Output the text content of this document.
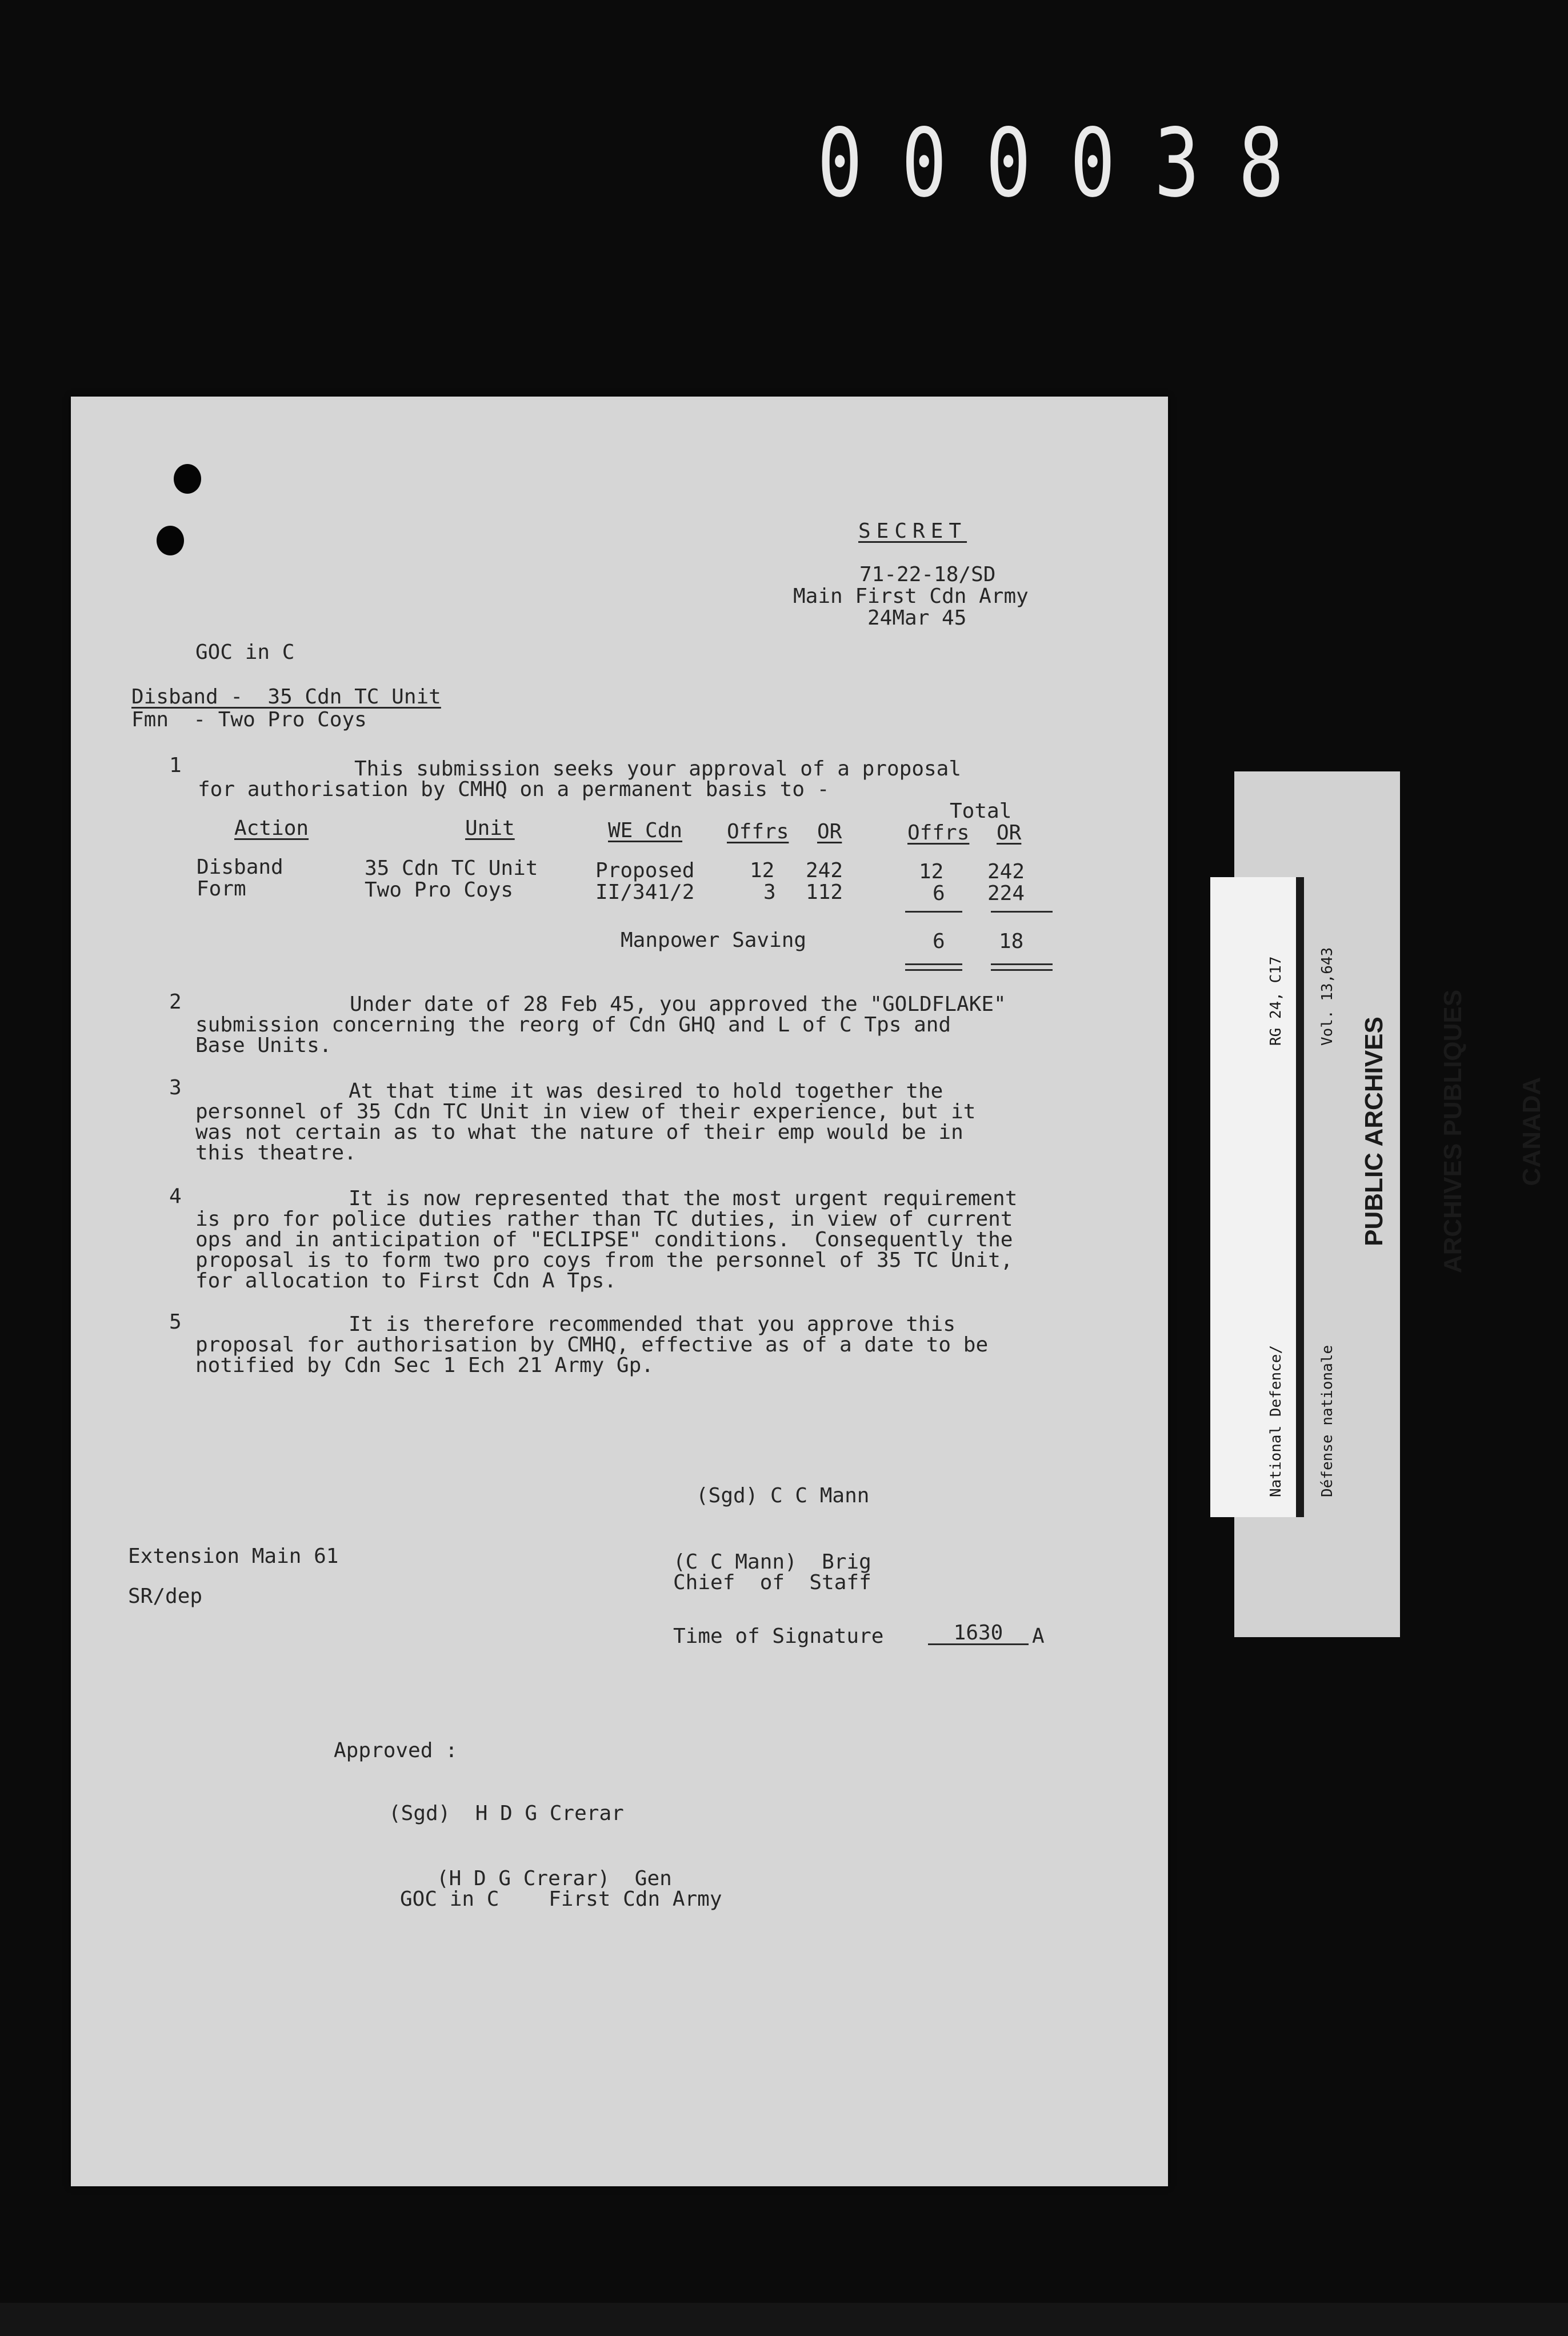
000038
SECRET
71-22-18/SD
Main First Cdn Army
24Mar 45
GOC in C
Disband -  35 Cdn TC Unit
Fmn  - Two Pro Coys
1	This submission seeks your approval of a proposal
for authorisation by CMHQ on a permanent basis to -
Total
Action	Unit	WE Cdn Offrs OR	Offrs OR
Disband	35 Cdn TC Unit	Proposed	12 242	12 242
Form	Two Pro Coys	II/341/2	3 112	6 224
Manpower Saving	6	18
2	Under date of 28 Feb 45, you approved the "GOLDFLAKE"
submission concerning the reorg of Cdn GHQ and L of C Tps and
Base Units.
3	At that time it was desired to hold together the
personnel of 35 Cdn TC Unit in view of their experience, but it
was not certain as to what the nature of their emp would be in
this theatre.
4	It is now represented that the most urgent requirement
is pro for police duties rather than TC duties, in view of current
ops and in anticipation of "ECLIPSE" conditions.  Consequently the
proposal is to form two pro coys from the personnel of 35 TC Unit,
for allocation to First Cdn A Tps.
5	It is therefore recommended that you approve this
proposal for authorisation by CMHQ, effective as of a date to be
notified by Cdn Sec 1 Ech 21 Army Gp.
(Sgd) C C Mann
Extension Main 61	(C C Mann)  Brig
Chief  of  Staff
SR/dep
Time of Signature	1630	A
Approved :
(Sgd)  H D G Crerar
(H D G Crerar)  Gen
GOC in C    First Cdn Army

PUBLIC ARCHIVES

ARCHIVES PUBLIQUES

CANADA

National Defence/

Défense nationale

RG 24, C17

Vol. 13,643
